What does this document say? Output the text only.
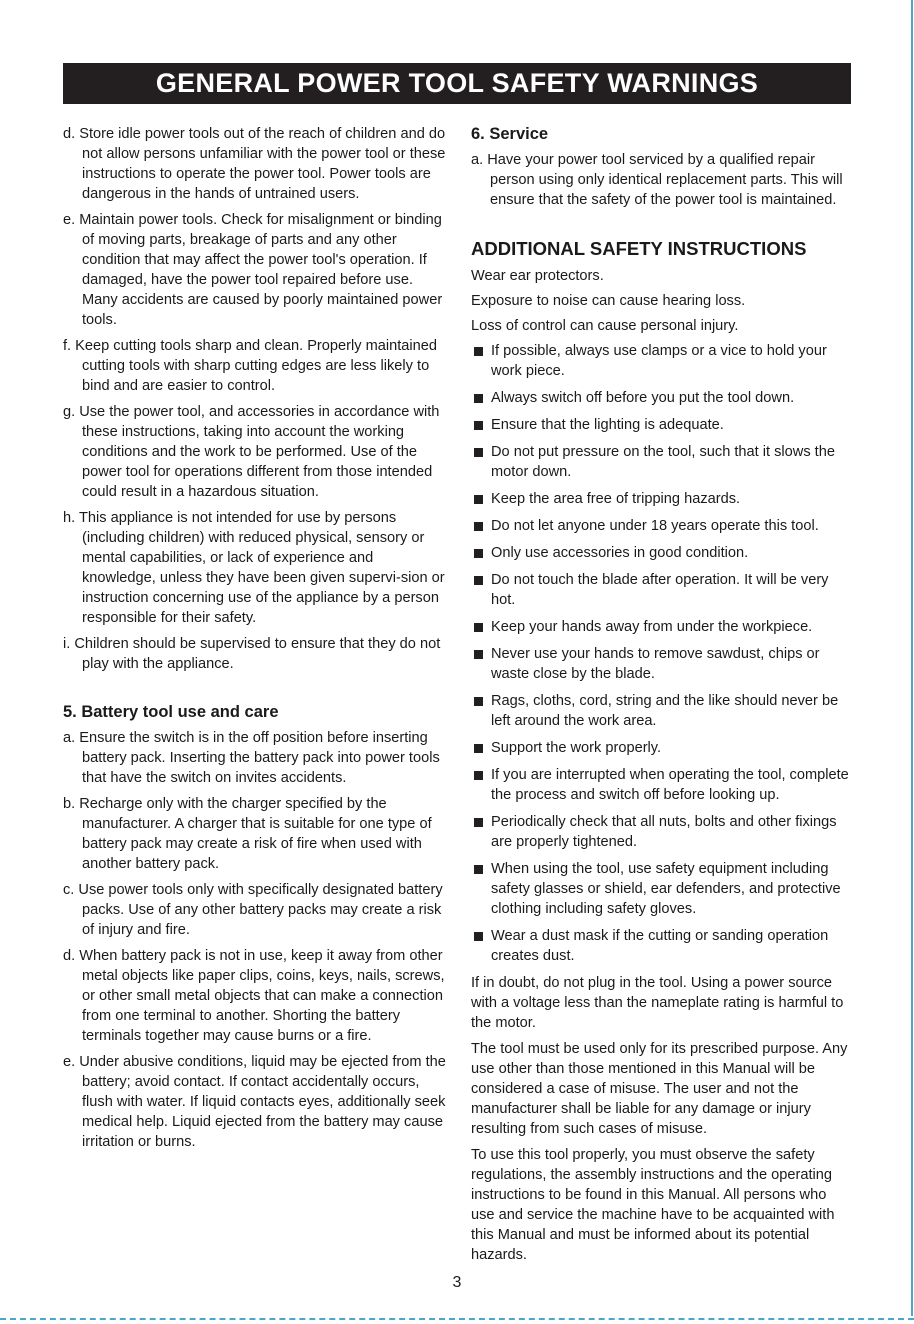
GENERAL POWER TOOL SAFETY WARNINGS
d. Store idle power tools out of the reach of children and do not allow persons unfamiliar with the power tool or these instructions to operate the power tool. Power tools are dangerous in the hands of untrained users.
e. Maintain power tools. Check for misalignment or binding of moving parts, breakage of parts and any other condition that may affect the power tool's operation. If damaged, have the power tool repaired before use. Many accidents are caused by poorly maintained power tools.
f. Keep cutting tools sharp and clean. Properly maintained cutting tools with sharp cutting edges are less likely to bind and are easier to control.
g. Use the power tool, and accessories in accordance with these instructions, taking into account the working conditions and the work to be performed. Use of the power tool for operations different from those intended could result in a hazardous situation.
h. This appliance is not intended for use by persons (including children) with reduced physical, sensory or mental capabilities, or lack of experience and knowledge, unless they have been given supervi-sion or instruction concerning use of the appliance by a person responsible for their safety.
i. Children should be supervised to ensure that they do not play with the appliance.
5. Battery tool use and care
a. Ensure the switch is in the off position before inserting battery pack. Inserting the battery pack into power tools that have the switch on invites accidents.
b. Recharge only with the charger specified by the manufacturer. A charger that is suitable for one type of battery pack may create a risk of fire when used with another battery pack.
c. Use power tools only with specifically designated battery packs. Use of any other battery packs may create a risk of injury and fire.
d. When battery pack is not in use, keep it away from other metal objects like paper clips, coins, keys, nails, screws, or other small metal objects that can make a connection from one terminal to another. Shorting the battery terminals together may cause burns or a fire.
e. Under abusive conditions, liquid may be ejected from the battery; avoid contact. If contact accidentally occurs, flush with water. If liquid contacts eyes, additionally seek medical help. Liquid ejected from the battery may cause irritation or burns.
6. Service
a. Have your power tool serviced by a qualified repair person using only identical replacement parts. This will ensure that the safety of the power tool is maintained.
ADDITIONAL SAFETY INSTRUCTIONS
Wear ear protectors.
Exposure to noise can cause hearing loss.
Loss of control can cause personal injury.
If possible, always use clamps or a vice to hold your work piece.
Always switch off before you put the tool down.
Ensure that the lighting is adequate.
Do not put pressure on the tool, such that it slows the motor down.
Keep the area free of tripping hazards.
Do not let anyone under 18 years operate this tool.
Only use accessories in good condition.
Do not touch the blade after operation. It will be very hot.
Keep your hands away from under the workpiece.
Never use your hands to remove sawdust, chips or waste close by the blade.
Rags, cloths, cord, string and the like should never be left around the work area.
Support the work properly.
If you are interrupted when operating the tool, complete the process and switch off before looking up.
Periodically check that all nuts, bolts and other fixings are properly tightened.
When using the tool, use safety equipment including safety glasses or shield, ear defenders, and protective clothing including safety gloves.
Wear a dust mask if the cutting or sanding operation creates dust.
If in doubt, do not plug in the tool. Using a power source with a voltage less than the nameplate rating is harmful to the motor.
The tool must be used only for its prescribed purpose. Any use other than those mentioned in this Manual will be considered a case of misuse. The user and not the manufacturer shall be liable for any damage or injury resulting from such cases of misuse.
To use this tool properly, you must observe the safety regulations, the assembly instructions and the operating instructions to be found in this Manual. All persons who use and service the machine have to be acquainted with this Manual and must be informed about its potential hazards.
3
